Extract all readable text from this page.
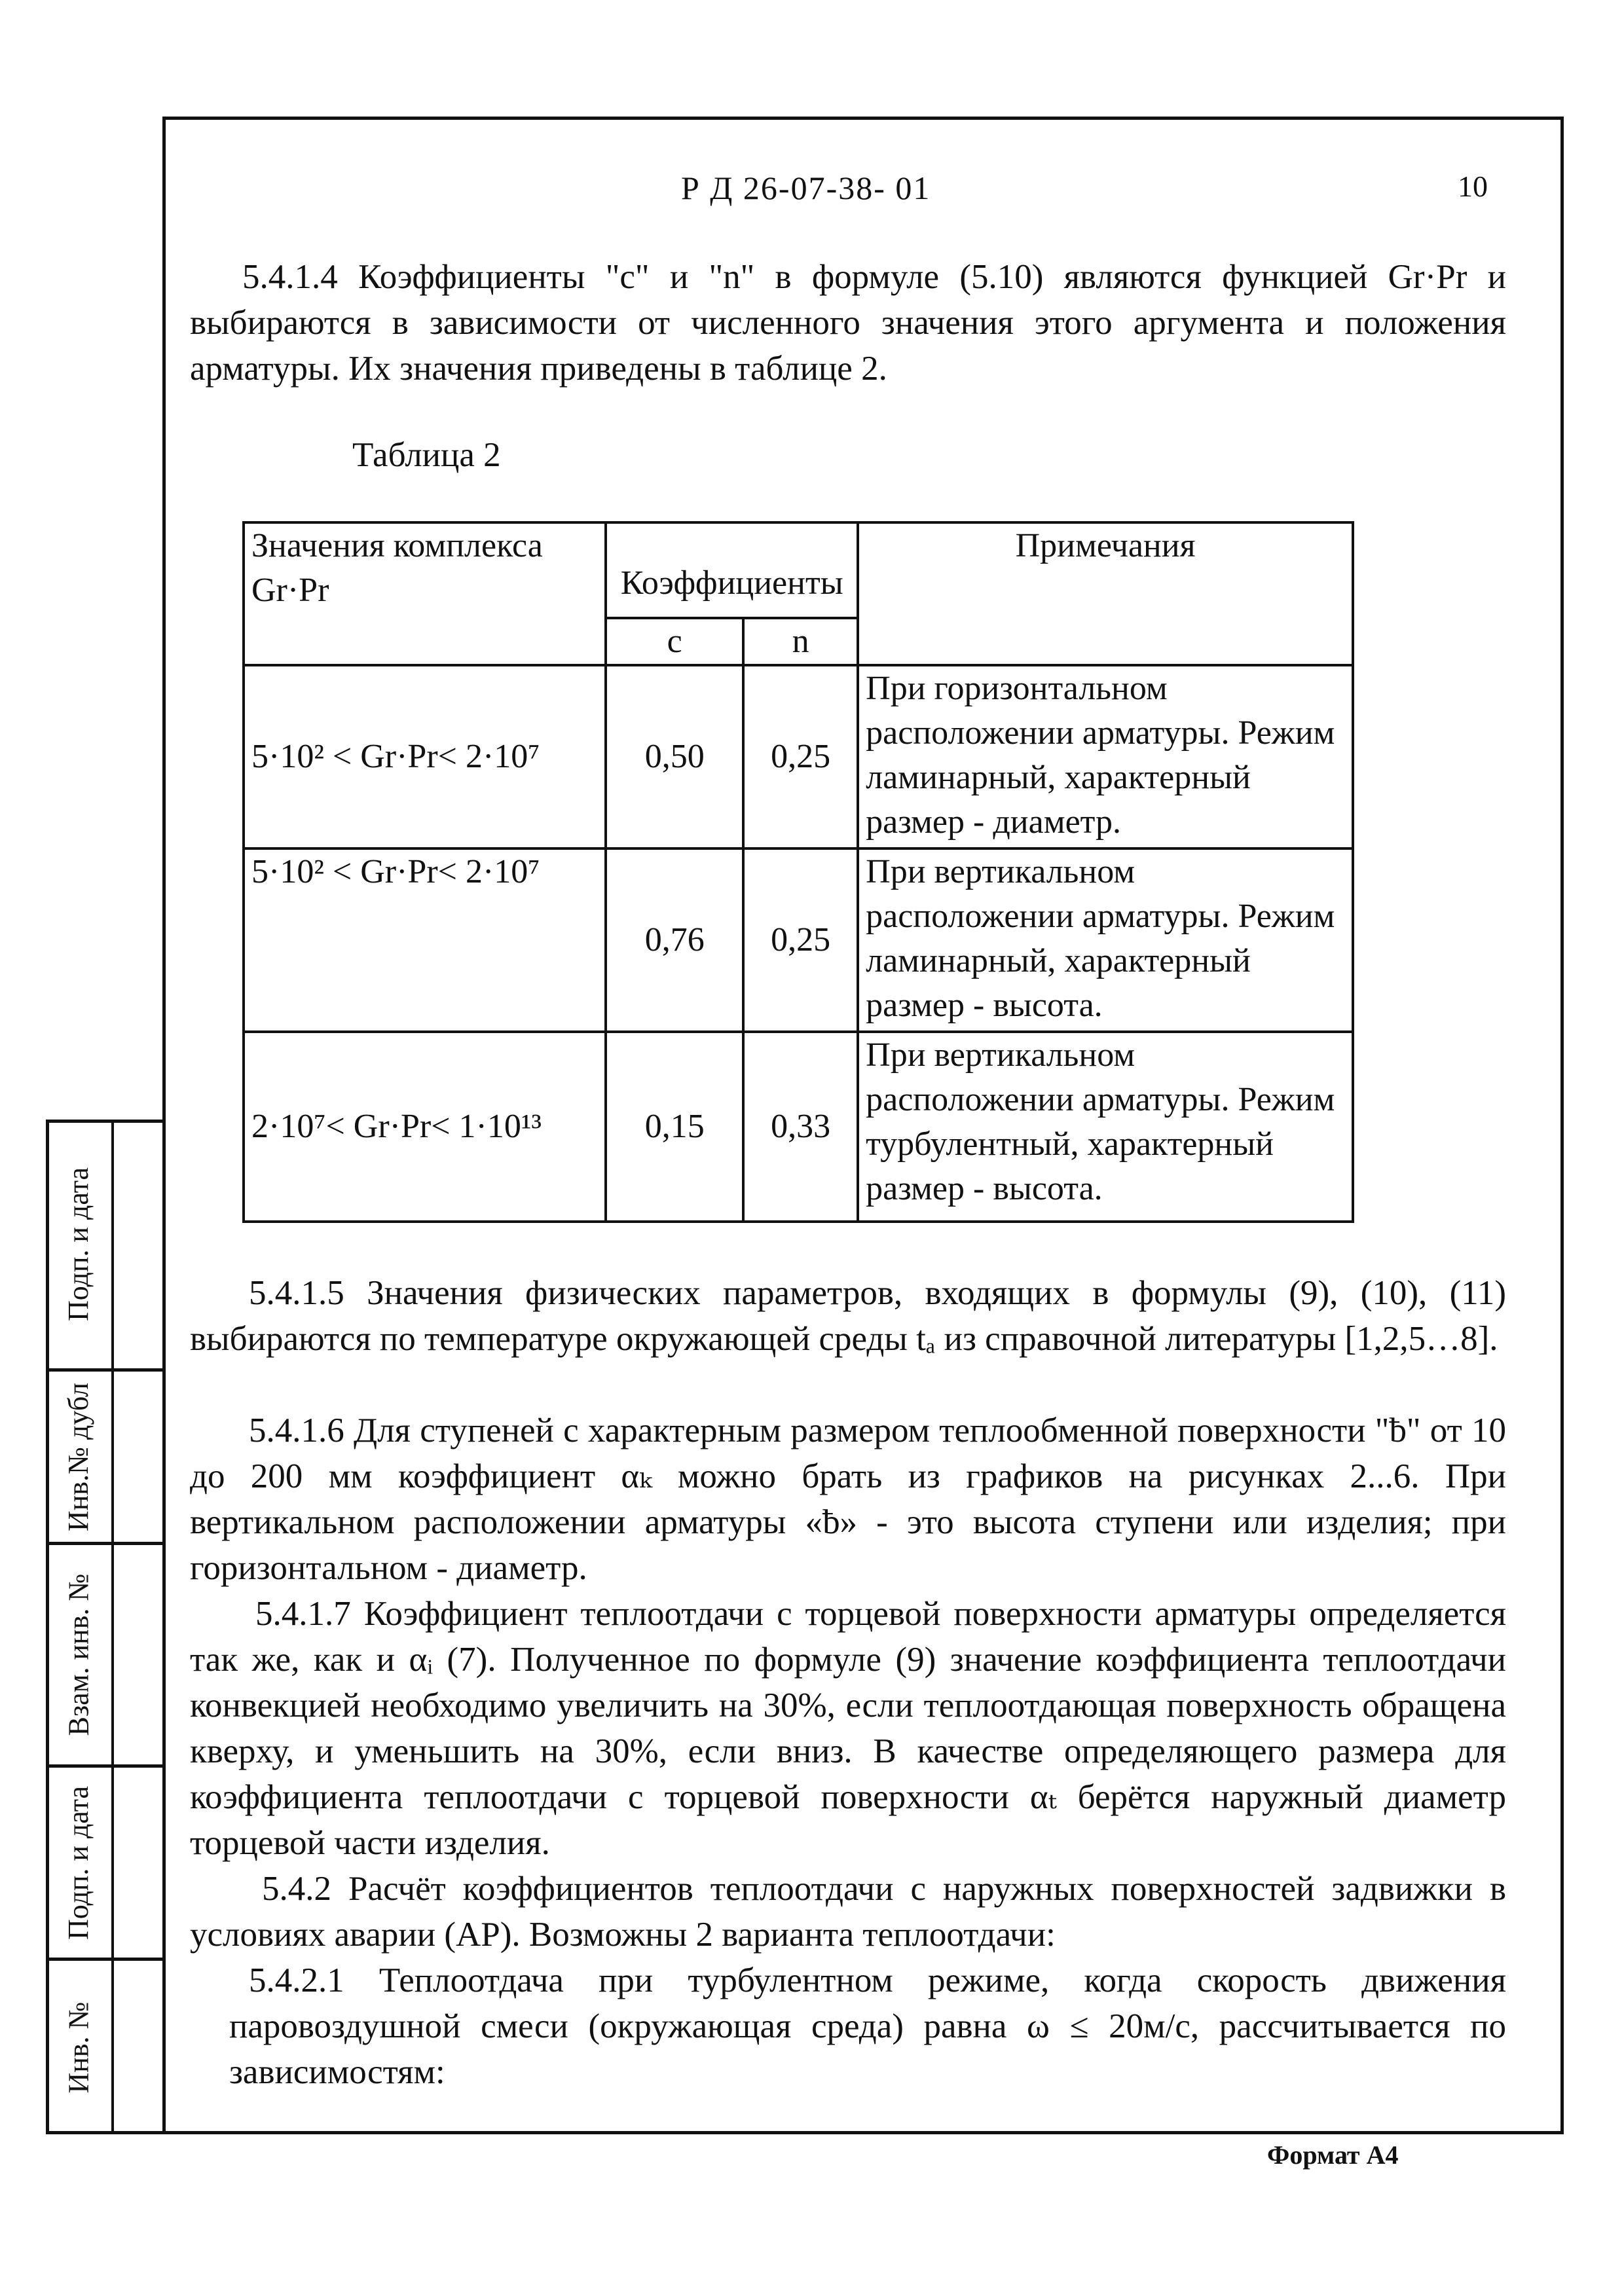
Р Д 26-07-38- 01	10

5.4.1.4 Коэффициенты "с" и "n" в формуле (5.10) являются функцией Gr·Pr и выбираются в зависимости от численного значения этого аргумента и положения арматуры. Их значения приведены в таблице 2.

Таблица 2
Значения комплекса Gr·Pr	Коэффициенты		Примечания
	с	n	
5·10² < Gr·Pr< 2·10⁷	0,50	0,25	При горизонтальном расположении арматуры. Режим ламинарный, характерный размер - диаметр.
5·10² < Gr·Pr< 2·10⁷	0,76	0,25	При вертикальном расположении арматуры. Режим ламинарный, характерный размер - высота.
2·10⁷< Gr·Pr< 1·10¹³	0,15	0,33	При вертикальном расположении арматуры. Режим турбулентный, характерный размер - высота.

5.4.1.5 Значения физических параметров, входящих в формулы (9), (10), (11) выбираются по температуре окружающей среды tₐ из справочной литературы [1,2,5…8].

5.4.1.6 Для ступеней с характерным размером теплообменной поверхности "ƀ" от 10 до 200 мм коэффициент αₖ можно брать из графиков на рисунках 2...6. При вертикальном расположении арматуры «ƀ» - это высота ступени или изделия; при горизонтальном - диаметр.

5.4.1.7 Коэффициент теплоотдачи с торцевой поверхности арматуры определяется так же, как и αᵢ (7). Полученное по формуле (9) значение коэффициента теплоотдачи конвекцией необходимо увеличить на 30%, если теплоотдающая поверхность обращена кверху, и уменьшить на 30%, если вниз. В качестве определяющего размера для коэффициента теплоотдачи с торцевой поверхности αₜ берётся наружный диаметр торцевой части изделия.

5.4.2 Расчёт коэффициентов теплоотдачи с наружных поверхностей задвижки в условиях аварии (АР). Возможны 2 варианта теплоотдачи:

5.4.2.1 Теплоотдача при турбулентном режиме, когда скорость движения паровоздушной смеси (окружающая среда) равна ω ≤ 20м/с, рассчитывается по зависимостям:

Подп. и дата
Инв.№ дубл
Взам. инв. №
Подп. и дата
Инв. №
Формат А4
